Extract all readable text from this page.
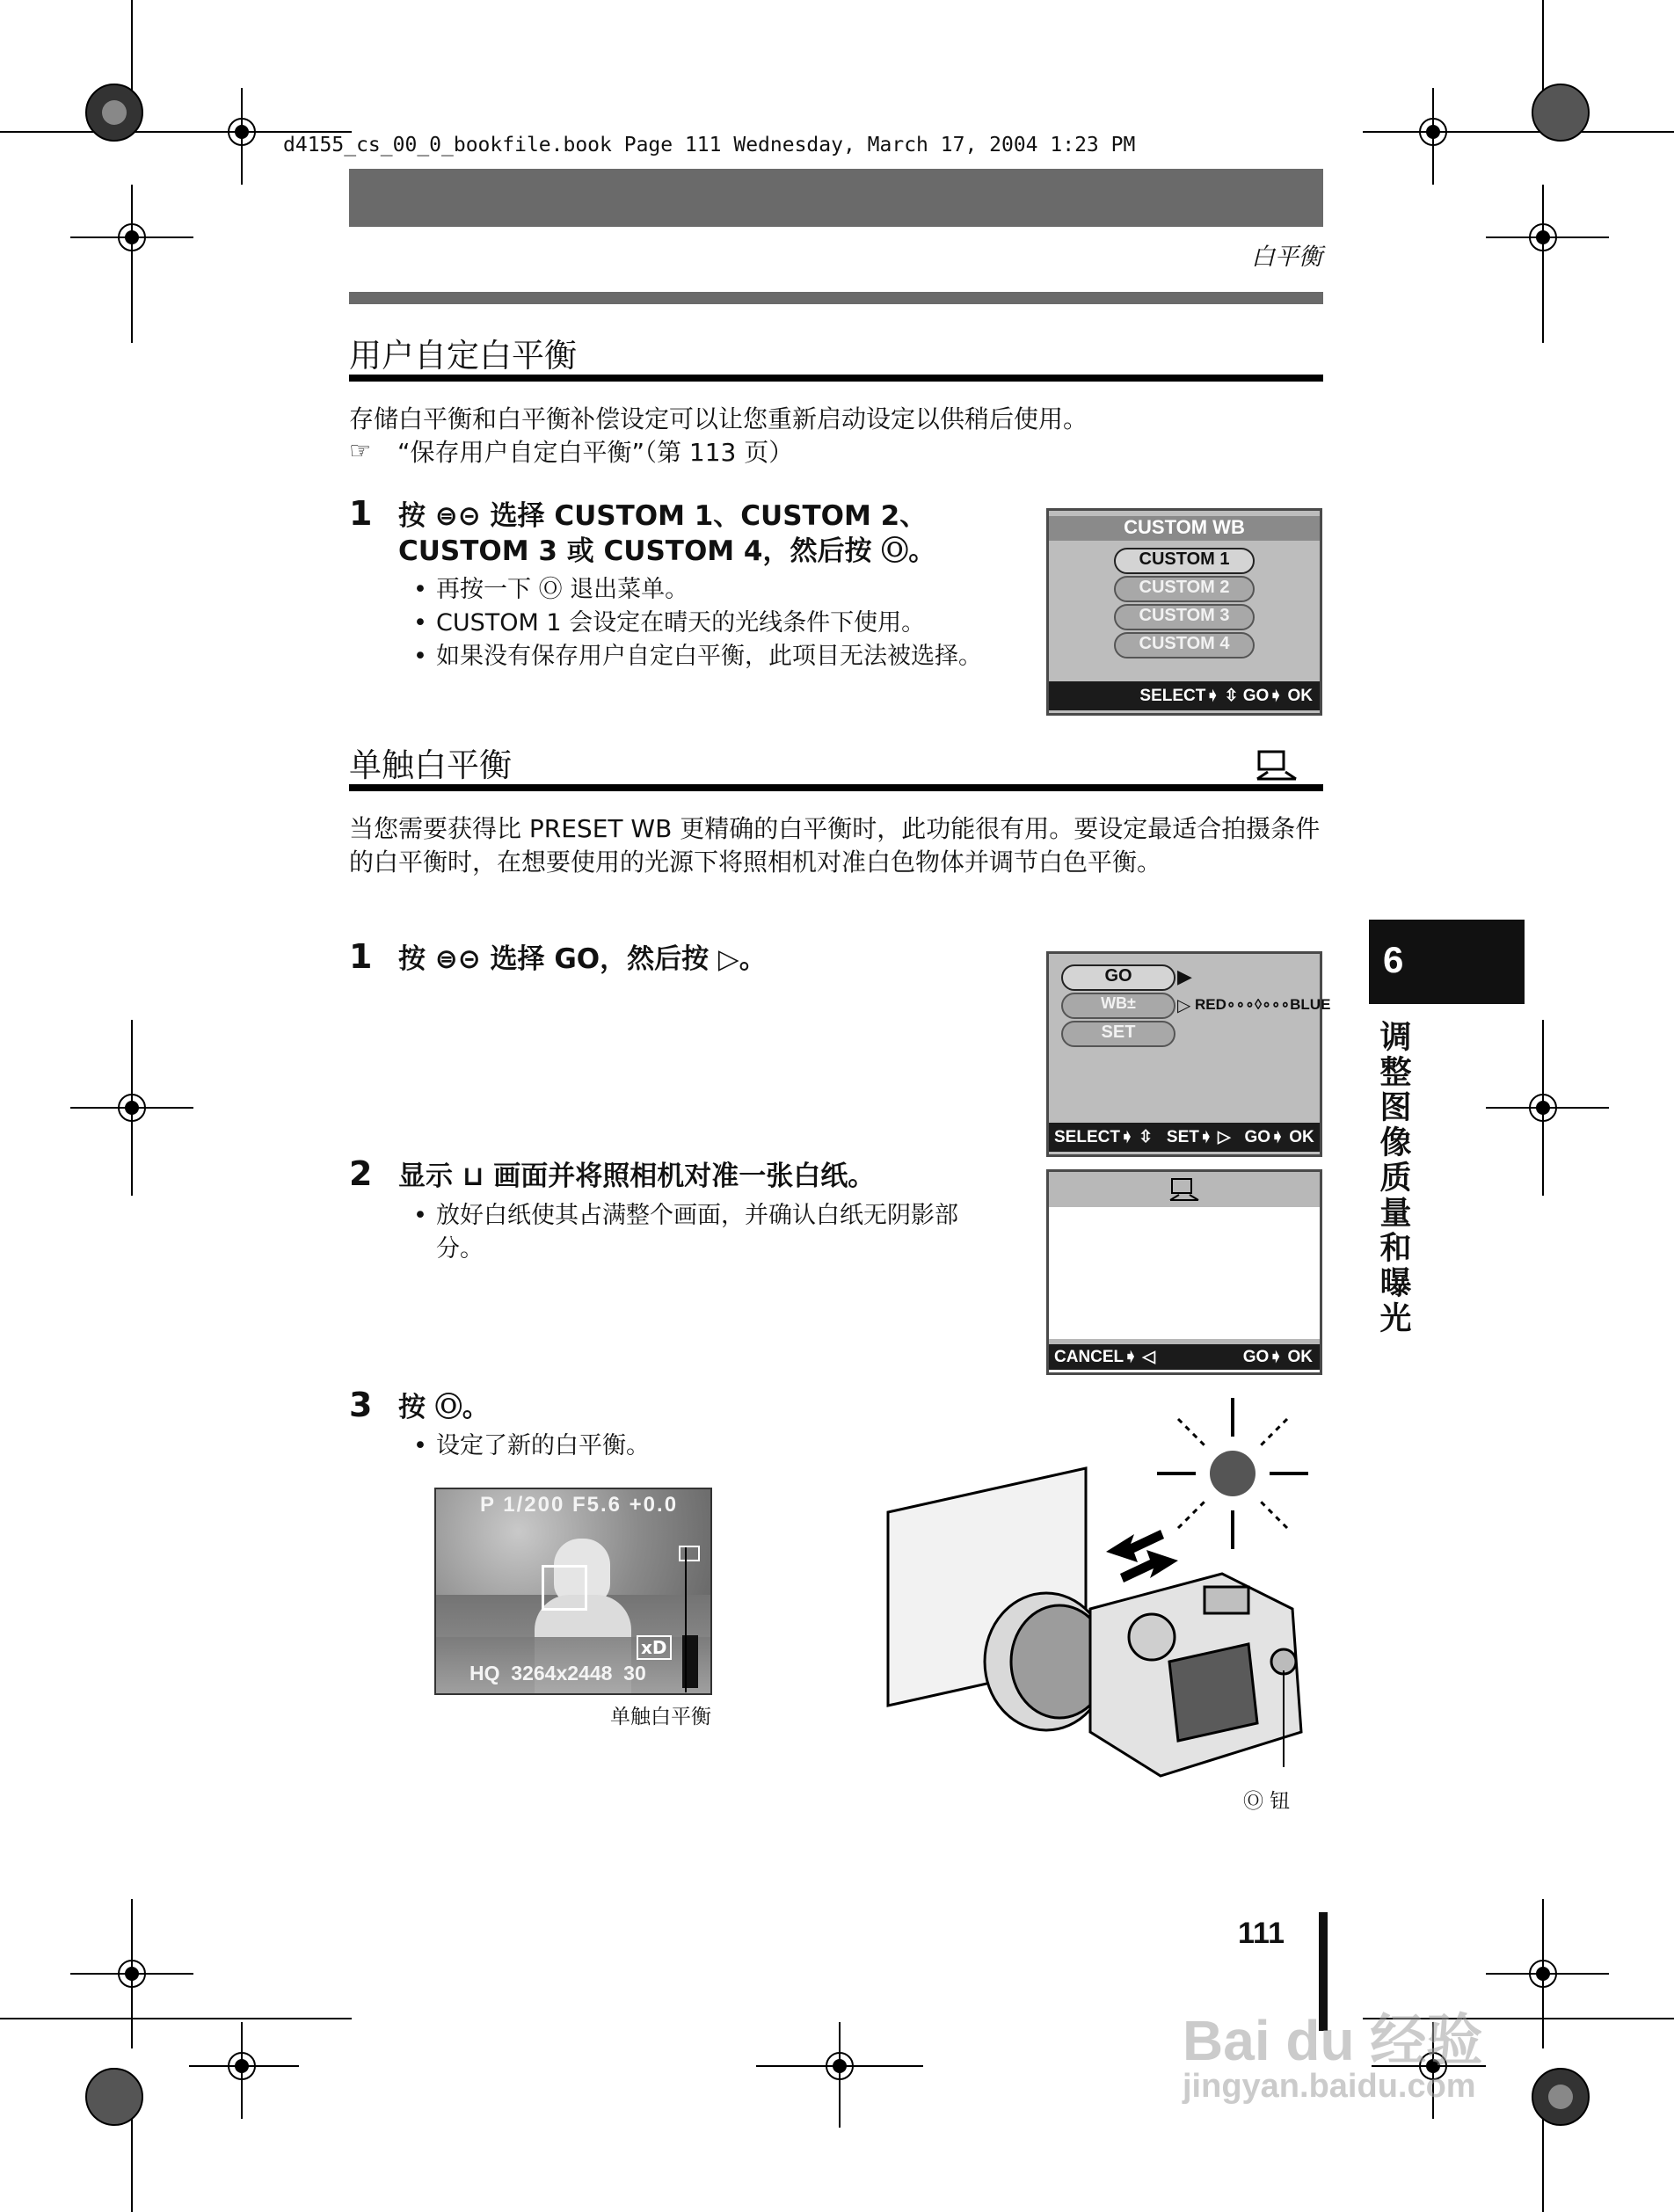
d4155_cs_00_0_bookfile.book Page 111 Wednesday, March 17, 2004 1:23 PM
白平衡
用户自定白平衡
存储白平衡和白平衡补偿设定可以让您重新启动设定以供稍后使用。
☞ “保存用户自定白平衡”（第 113 页）
1 按 ⊜⊝ 选择 CUSTOM 1、CUSTOM 2、
CUSTOM 3 或 CUSTOM 4，然后按 Ⓞ。
• 再按一下 Ⓞ 退出菜单。
• CUSTOM 1 会设定在晴天的光线条件下使用。
• 如果没有保存用户自定白平衡，此项目无法被选择。
CUSTOM WB
CUSTOM 1
CUSTOM 2
CUSTOM 3
CUSTOM 4
SELECT➧ ⇳ GO➧ OK
单触白平衡
当您需要获得比 PRESET WB 更精确的白平衡时，此功能很有用。要设定最适合拍摄条件的白平衡时，在想要使用的光源下将照相机对准白色物体并调节白色平衡。
1 按 ⊜⊝ 选择 GO，然后按 ▷。
GO	▶
WB±	▷ RED∘∘∘◊∘∘∘BLUE
SET
SELECT➧ ⇳   SET➧ ▷   GO➧ OK
2 显示 ⊔ 画面并将照相机对准一张白纸。
• 放好白纸使其占满整个画面，并确认白纸无阴影部分。
CANCEL➧ ◁	GO➧ OK
3 按 Ⓞ。
• 设定了新的白平衡。
P 1/200 F5.6 +0.0
xD
HQ  3264x2448  30
单触白平衡
Ⓞ 钮
6
调整图像质量和曝光
111
Bai du 经验
jingyan.baidu.com
